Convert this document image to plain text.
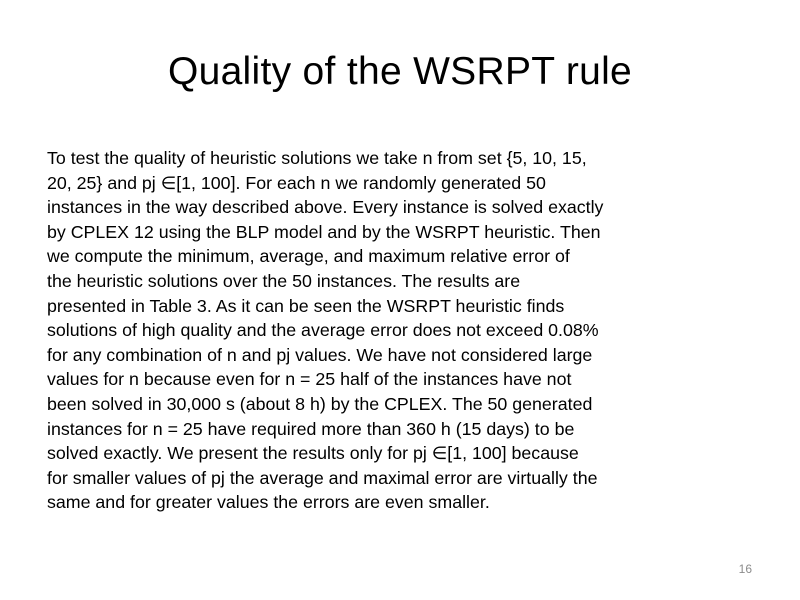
Quality of the WSRPT rule
To test the quality of heuristic solutions we take n from set {5, 10, 15,
20, 25} and pj ∈[1, 100]. For each n we randomly generated 50
instances in the way described above. Every instance is solved exactly
by CPLEX 12 using the BLP model and by the WSRPT heuristic. Then
we compute the minimum, average, and maximum relative error of
the heuristic solutions over the 50 instances. The results are
presented in Table 3. As it can be seen the WSRPT heuristic finds
solutions of high quality and the average error does not exceed 0.08%
for any combination of n and pj values. We have not considered large
values for n because even for n = 25 half of the instances have not
been solved in 30,000 s (about 8 h) by the CPLEX. The 50 generated
instances for n = 25 have required more than 360 h (15 days) to be
solved exactly. We present the results only for pj ∈[1, 100] because
for smaller values of pj the average and maximal error are virtually the
same and for greater values the errors are even smaller.
16
